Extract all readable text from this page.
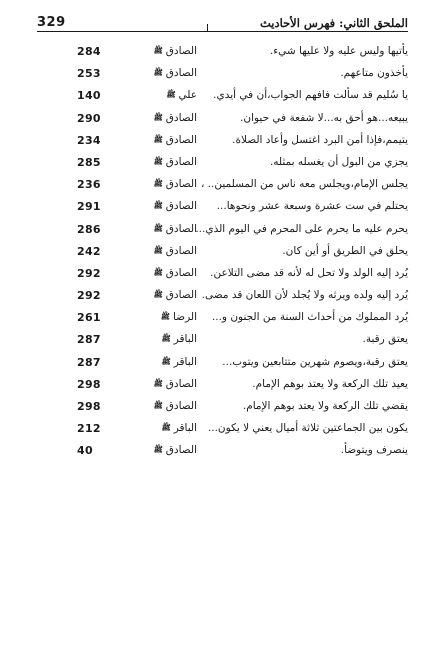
329	الملحق الثاني: فهرس الأحاديث
يأتيها وليس عليه ولا عليها شيء.
الصادقﷺ
284
يأخذون متاعهم.
الصادقﷺ
253
يا سُليم قد سألت فافهم الجواب،أن في أيدي.
عليﷺ
140
يبيعه...هو أحق به...لا شفعة في حيوان.
الصادقﷺ
290
يتيمم،فإذا أمن البرد اغتسل وأعاد الصلاة.
الصادقﷺ
234
يجزي من البول أن يغسله بمثله.
الصادقﷺ
285
يجلس الإمام،ويجلس معه ناس من المسلمين.. ،
الصادقﷺ
236
يحتلم في ست عشرة وسبعة عشر ونحوها...
الصادقﷺ
291
يحرم عليه ما يحرم على المحرم في اليوم الذي...
الصادقﷺ
286
يحلق في الطريق أو أين كان.
الصادقﷺ
242
يُرد إليه الولد ولا تحل له لأنه قد مضى التلاعن.
الصادقﷺ
292
يُرد إليه ولده ويرثه ولا يُجلد لأن اللعان قد مضى.
الصادقﷺ
292
يُرد المملوك من أحداث السنة من الجنون و...
الرضاﷺ
261
يعتق رقبة.
الباقرﷺ
287
يعتق رقبة،ويصوم شهرين متتابعين ويتوب...
الباقرﷺ
287
يعيد تلك الركعة ولا يعتد بوهم الإمام.
الصادقﷺ
298
يقضي تلك الركعة ولا يعتد بوهم الإمام.
الصادقﷺ
298
يكون بين الجماعتين ثلاثة أميال يعني لا يكون...
الباقرﷺ
212
ينصرف ويتوضأ.
الصادقﷺ
40
